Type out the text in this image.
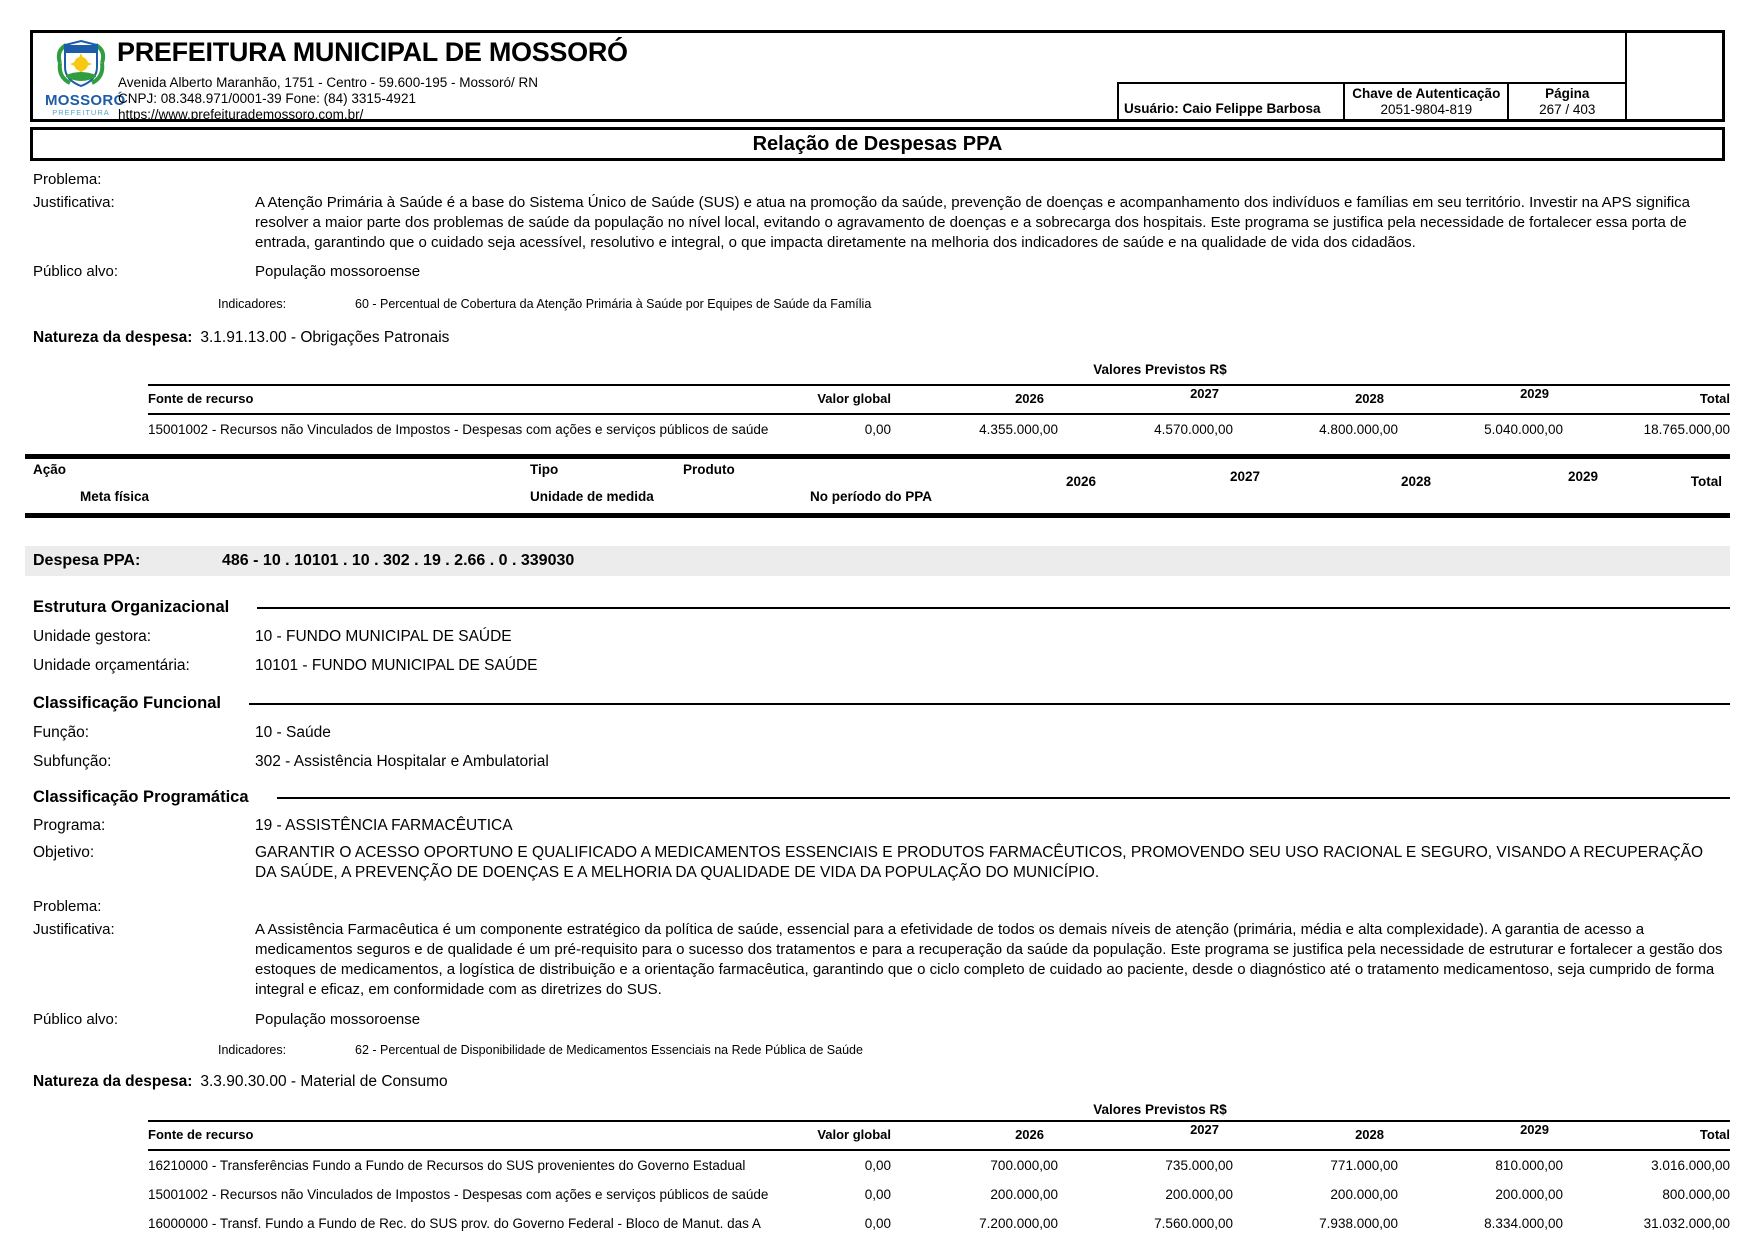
MOSSORÓ
PREFEITURA
PREFEITURA MUNICIPAL DE MOSSORÓ
Avenida Alberto Maranhão, 1751 - Centro - 59.600-195 - Mossoró/ RN
CNPJ: 08.348.971/0001-39 Fone: (84) 3315-4921
https://www.prefeiturademossoro.com.br/	Usuário: Caio Felippe Barbosa
Chave de Autenticação
2051-9804-819
Página
267 / 403
Relação de Despesas PPA
Problema:
Justificativa:	A Atenção Primária à Saúde é a base do Sistema Único de Saúde (SUS) e atua na promoção da saúde, prevenção de doenças e acompanhamento dos indivíduos e famílias em seu território. Investir na APS significa resolver a maior parte dos problemas de saúde da população no nível local, evitando o agravamento de doenças e a sobrecarga dos hospitais. Este programa se justifica pela necessidade de fortalecer essa porta de entrada, garantindo que o cuidado seja acessível, resolutivo e integral, o que impacta diretamente na melhoria dos indicadores de saúde e na qualidade de vida dos cidadãos.
Público alvo:	População mossoroense
Indicadores:	60 - Percentual de Cobertura da Atenção Primária à Saúde por Equipes de Saúde da Família
Natureza da despesa: 3.1.91.13.00 - Obrigações Patronais
Valores Previstos R$
Fonte de recurso	Valor global	2026	2027	2028	2029	Total
15001002 - Recursos não Vinculados de Impostos - Despesas com ações e serviços públicos de saúde	0,00	4.355.000,00	4.570.000,00	4.800.000,00	5.040.000,00	18.765.000,00
Ação	Tipo	Produto
Meta física	Unidade de medida	No período do PPA
2026	2027	2028	2029	Total
Despesa PPA:	486 - 10 . 10101 . 10 . 302 . 19 . 2.66 . 0 . 339030
Estrutura Organizacional
Unidade gestora:	10 - FUNDO MUNICIPAL DE SAÚDE
Unidade orçamentária:	10101 - FUNDO MUNICIPAL DE SAÚDE
Classificação Funcional
Função:	10 - Saúde
Subfunção:	302 - Assistência Hospitalar e Ambulatorial
Classificação Programática
Programa:	19 - ASSISTÊNCIA FARMACÊUTICA
Objetivo:	GARANTIR O ACESSO OPORTUNO E QUALIFICADO A MEDICAMENTOS ESSENCIAIS E PRODUTOS FARMACÊUTICOS, PROMOVENDO SEU USO RACIONAL E SEGURO, VISANDO A RECUPERAÇÃO DA SAÚDE, A PREVENÇÃO DE DOENÇAS E A MELHORIA DA QUALIDADE DE VIDA DA POPULAÇÃO DO MUNICÍPIO.
Problema:
Justificativa:	A Assistência Farmacêutica é um componente estratégico da política de saúde, essencial para a efetividade de todos os demais níveis de atenção (primária, média e alta complexidade). A garantia de acesso a medicamentos seguros e de qualidade é um pré-requisito para o sucesso dos tratamentos e para a recuperação da saúde da população. Este programa se justifica pela necessidade de estruturar e fortalecer a gestão dos estoques de medicamentos, a logística de distribuição e a orientação farmacêutica, garantindo que o ciclo completo de cuidado ao paciente, desde o diagnóstico até o tratamento medicamentoso, seja cumprido de forma integral e eficaz, em conformidade com as diretrizes do SUS.
Público alvo:	População mossoroense
Indicadores:	62 - Percentual de Disponibilidade de Medicamentos Essenciais na Rede Pública de Saúde
Natureza da despesa: 3.3.90.30.00 - Material de Consumo
Valores Previstos R$
Fonte de recurso	Valor global	2026	2027	2028	2029	Total
16210000 - Transferências Fundo a Fundo de Recursos do SUS provenientes do Governo Estadual	0,00	700.000,00	735.000,00	771.000,00	810.000,00	3.016.000,00
15001002 - Recursos não Vinculados de Impostos - Despesas com ações e serviços públicos de saúde	0,00	200.000,00	200.000,00	200.000,00	200.000,00	800.000,00
16000000 - Transf. Fundo a Fundo de Rec. do SUS prov. do Governo Federal - Bloco de Manut. das A	0,00	7.200.000,00	7.560.000,00	7.938.000,00	8.334.000,00	31.032.000,00
